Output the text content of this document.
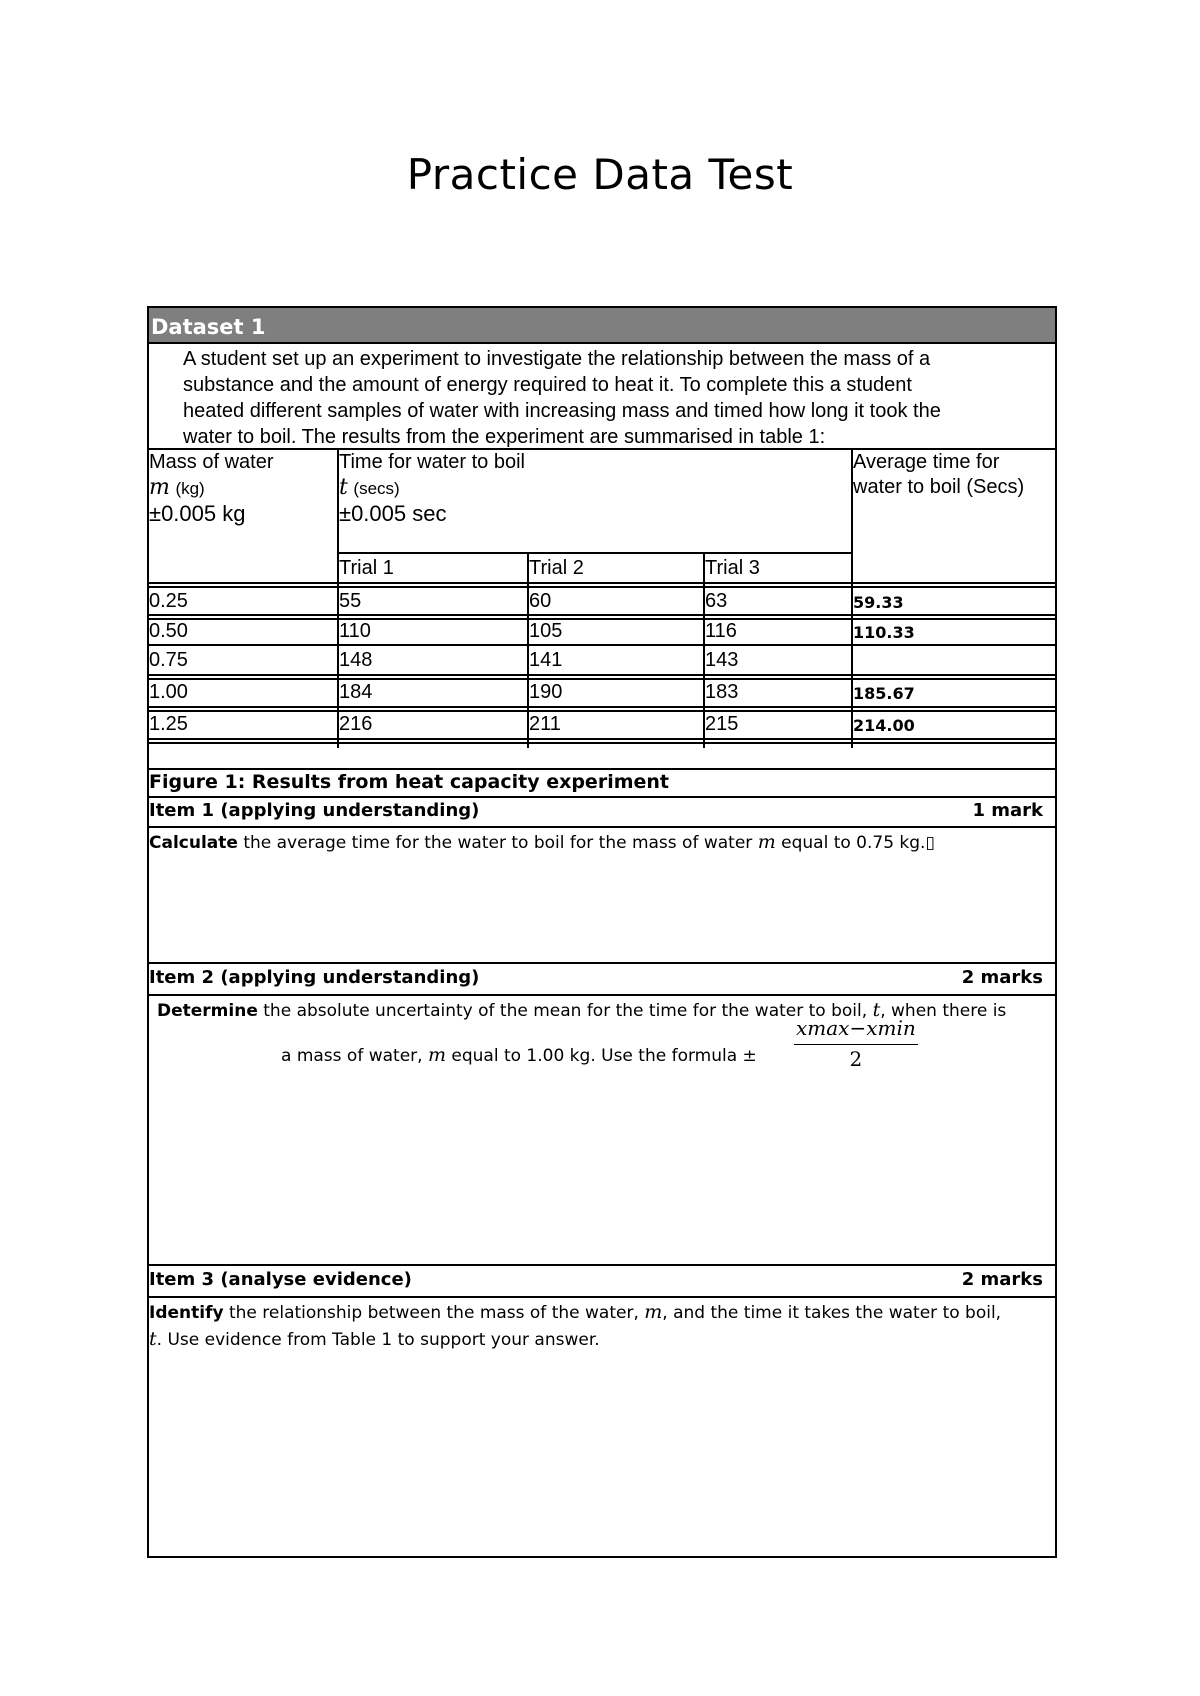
Practice Data Test
Dataset 1
A student set up an experiment to investigate the relationship between the mass of a
substance and the amount of energy required to heat it. To complete this a student
heated different samples of water with increasing mass and timed how long it took the
water to boil. The results from the experiment are summarised in table 1:
Mass of water
m (kg)
±0.005 kg
Time for water to boil
t (secs)
±0.005 sec
Average time for
water to boil (Secs)
Trial 1	Trial 2	Trial 3
0.25	55	60	63	59.33
0.50	110	105	116	110.33
0.75	148	141	143
1.00	184	190	183	185.67
1.25	216	211	215	214.00
Figure 1: Results from heat capacity experiment
Item 1 (applying understanding)	1 mark
Calculate the average time for the water to boil for the mass of water m equal to 0.75 kg.▯
Item 2 (applying understanding)	2 marks
Determine the absolute uncertainty of the mean for the time for the water to boil, t, when there is
a mass of water, m equal to 1.00 kg. Use the formula ±
xmax−xmin
2
Item 3 (analyse evidence)	2 marks
Identify the relationship between the mass of the water, m, and the time it takes the water to boil,
t. Use evidence from Table 1 to support your answer.
